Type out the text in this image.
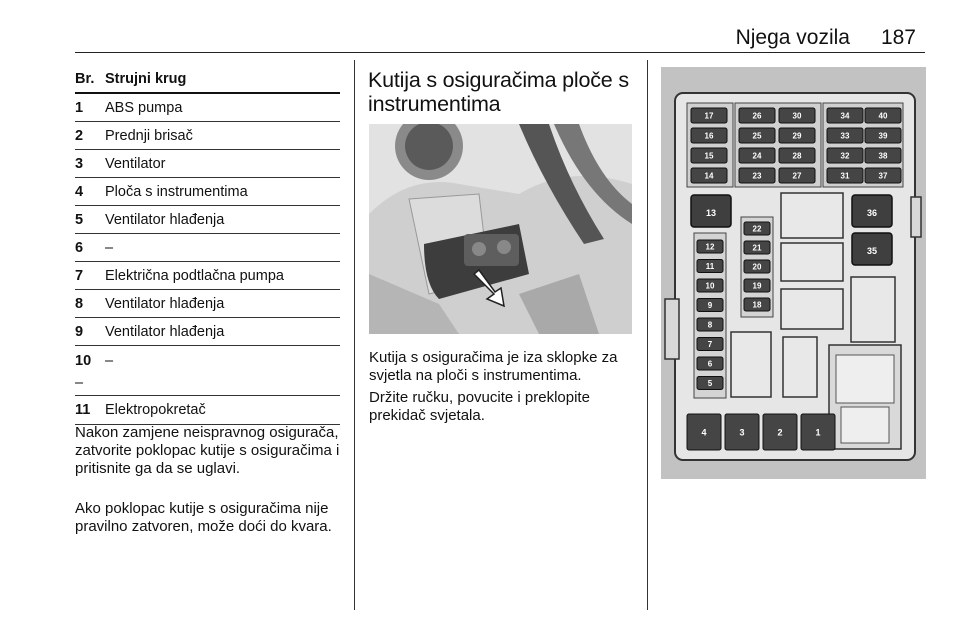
Njega vozila 187
Br. Strujni krug
1	ABS pumpa
2	Prednji brisač
3	Ventilator
4	Ploča s instrumentima
5	Ventilator hlađenja
6	–
7	Električna podtlačna pumpa
8	Ventilator hlađenja
9	Ventilator hlađenja
10 –
–
11	Elektropokretač
Nakon zamjene neispravnog osigurača, zatvorite poklopac kutije s osiguračima i pritisnite ga da se uglavi.
Ako poklopac kutije s osiguračima nije pravilno zatvoren, može doći do kvara.
Kutija s osiguračima ploče s instrumentima
Kutija s osiguračima je iza sklopke za svjetla na ploči s instrumentima.
Držite ručku, povucite i preklopite prekidač svjetala.
17
16
15
14
26
25
24
23
30
29
28
27
34
33
32
31
40
39
38
37
13	36
35
12
11
10
9
8
7
6
5
22
21
20
19
18
4	3	2	1
